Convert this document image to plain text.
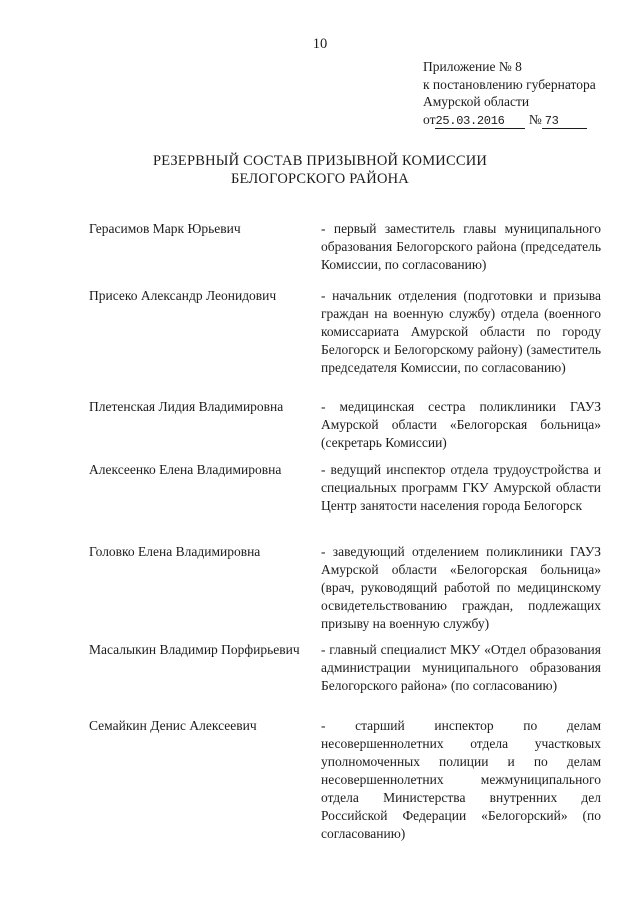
10
Приложение № 8
к постановлению губернатора
Амурской области
от25.03.2016 № 73
РЕЗЕРВНЫЙ СОСТАВ ПРИЗЫВНОЙ КОМИССИИ
БЕЛОГОРСКОГО РАЙОНА
Герасимов Марк Юрьевич	- первый заместитель главы муниципального образования Белогорского района (председатель Комиссии, по согласованию)
Присеко Александр Леонидович	- начальник отделения (подготовки и призыва граждан на военную службу) отдела (военного комиссариата Амурской области по городу Белогорск и Белогорскому району) (заместитель председателя Комиссии, по согласованию)
Плетенская Лидия Владимировна	- медицинская сестра поликлиники ГАУЗ Амурской области «Белогорская больница» (секретарь Комиссии)
Алексеенко Елена Владимировна	- ведущий инспектор отдела трудоустройства и специальных программ ГКУ Амурской области Центр занятости населения города Белогорск
Головко Елена Владимировна	- заведующий отделением поликлиники ГАУЗ Амурской области «Белогорская больница» (врач, руководящий работой по медицинскому освидетельствованию граждан, подлежащих призыву на военную службу)
Масалыкин Владимир Порфирьевич	- главный специалист МКУ «Отдел образования администрации муниципального образования Белогорского района» (по согласованию)
Семайкин Денис Алексеевич	- старший инспектор по делам несовершеннолетних отдела участковых уполномоченных полиции и по делам несовершеннолетних межмуниципального отдела Министерства внутренних дел Российской Федерации «Белогорский» (по согласованию)
